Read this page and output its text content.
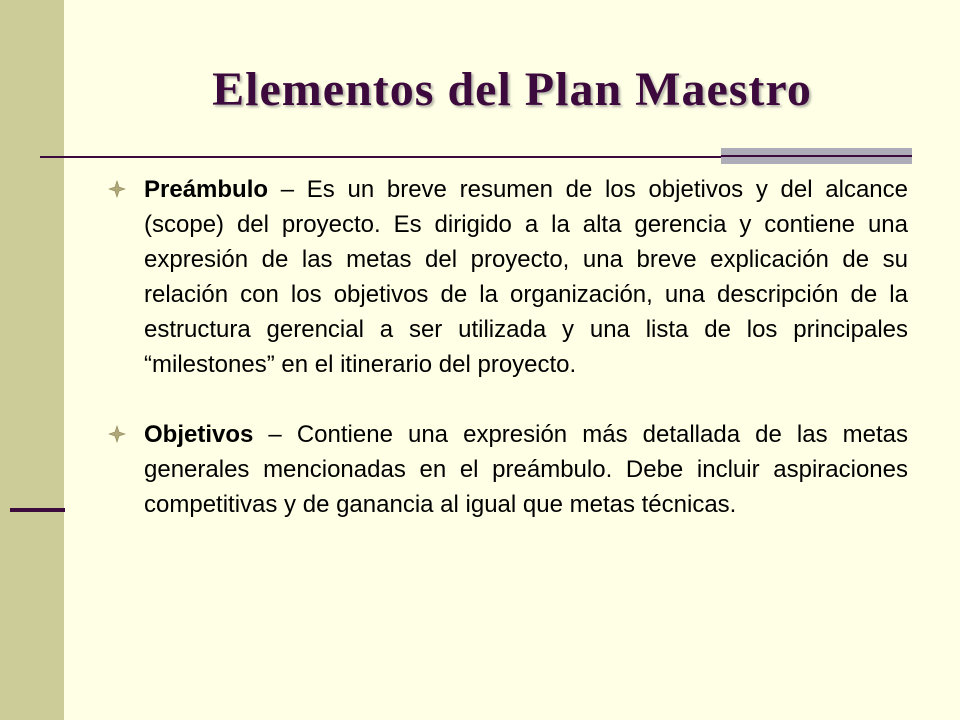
Elementos del Plan Maestro

Preámbulo – Es un breve resumen de los objetivos y del alcance (scope) del proyecto. Es dirigido a la alta gerencia y contiene una expresión de las metas del proyecto, una breve explicación de su relación con los objetivos de la organización, una descripción de la estructura gerencial a ser utilizada y una lista de los principales “milestones” en el itinerario del proyecto.

Objetivos – Contiene una expresión más detallada de las metas generales mencionadas en el preámbulo. Debe incluir aspiraciones competitivas y de ganancia al igual que metas técnicas.
